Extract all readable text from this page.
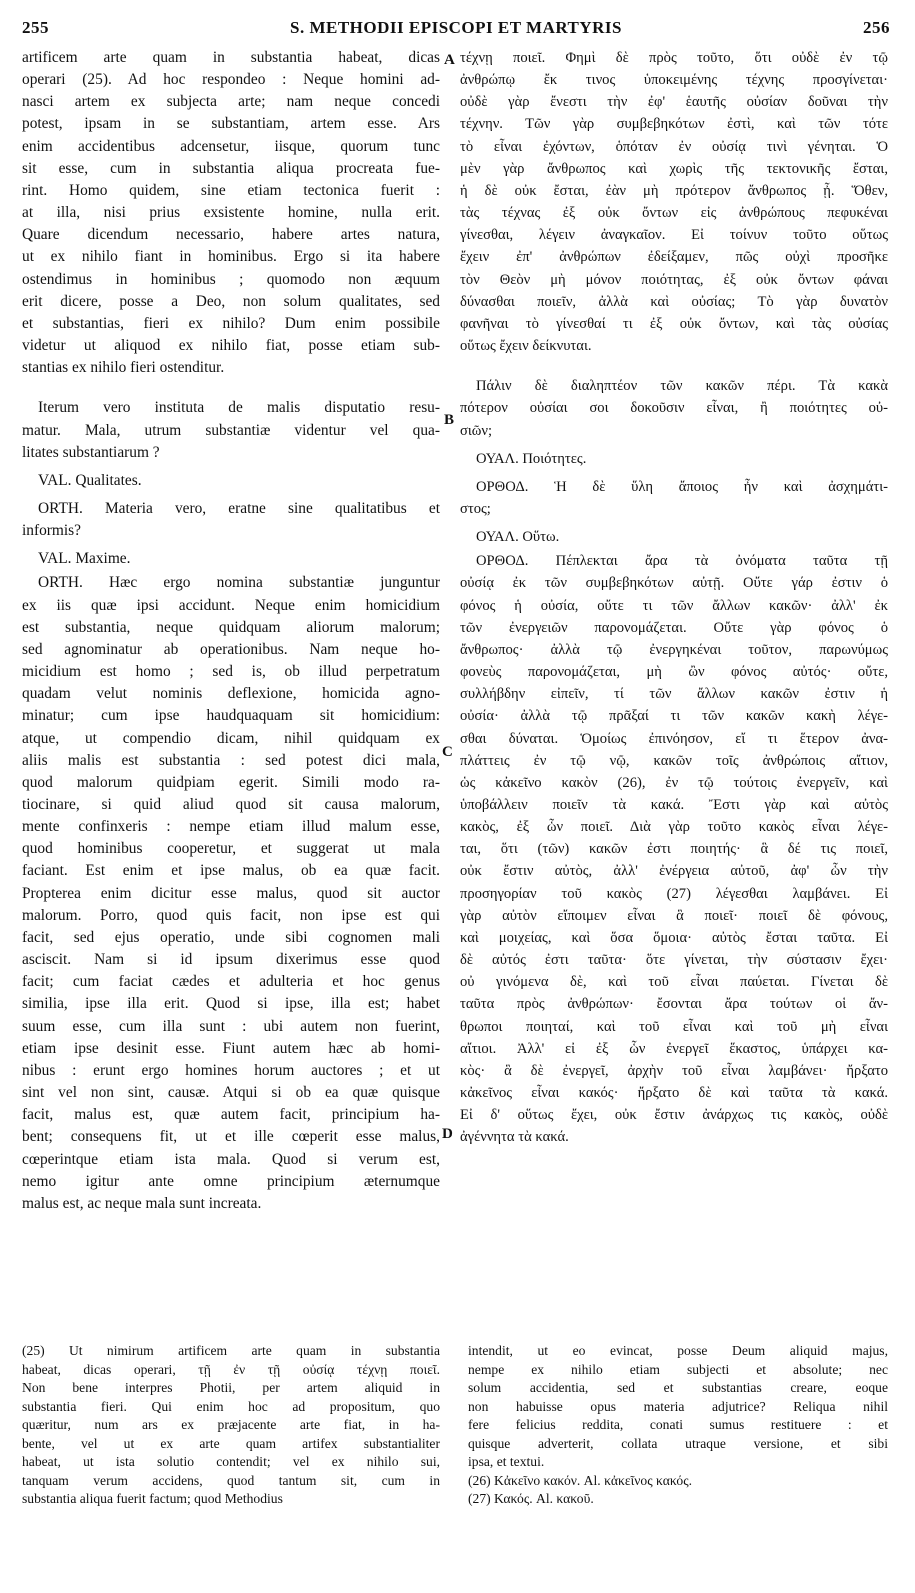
255	S. METHODII EPISCOPI ET MARTYRIS	256

artificem arte quam in substantia habeat, dicas
operari (25). Ad hoc respondeo : Neque homini ad-
nasci artem ex subjecta arte; nam neque concedi
potest, ipsam in se substantiam, artem esse. Ars
enim accidentibus adcensetur, iisque, quorum tunc
sit esse, cum in substantia aliqua procreata fue-
rint. Homo quidem, sine etiam tectonica fuerit :
at illa, nisi prius exsistente homine, nulla erit.
Quare dicendum necessario, habere artes natura,
ut ex nihilo fiant in hominibus. Ergo si ita habere
ostendimus in hominibus ; quomodo non æquum
erit dicere, posse a Deo, non solum qualitates, sed
et substantias, fieri ex nihilo? Dum enim possibile
videtur ut aliquod ex nihilo fiat, posse etiam sub-
stantias ex nihilo fieri ostenditur.

Iterum vero instituta de malis disputatio resu-
matur. Mala, utrum substantiæ videntur vel qua-
litates substantiarum ?

VAL. Qualitates.

ORTH. Materia vero, eratne sine qualitatibus et
informis?

VAL. Maxime.

ORTH. Hæc ergo nomina substantiæ junguntur
ex iis quæ ipsi accidunt. Neque enim homicidium
est substantia, neque quidquam aliorum malorum;
sed agnominatur ab operationibus. Nam neque ho-
micidium est homo ; sed is, ob illud perpetratum
quadam velut nominis deflexione, homicida agno-
minatur; cum ipse haudquaquam sit homicidium:
atque, ut compendio dicam, nihil quidquam ex
aliis malis est substantia : sed potest dici mala,
quod malorum quidpiam egerit. Simili modo ra-
tiocinare, si quid aliud quod sit causa malorum,
mente confinxeris : nempe etiam illud malum esse,
quod hominibus cooperetur, et suggerat ut mala
faciant. Est enim et ipse malus, ob ea quæ facit.
Propterea enim dicitur esse malus, quod sit auctor
malorum. Porro, quod quis facit, non ipse est qui
facit, sed ejus operatio, unde sibi cognomen mali
asciscit. Nam si id ipsum dixerimus esse quod
facit; cum faciat cædes et adulteria et hoc genus
similia, ipse illa erit. Quod si ipse, illa est; habet
suum esse, cum illa sunt : ubi autem non fuerint,
etiam ipse desinit esse. Fiunt autem hæc ab homi-
nibus : erunt ergo homines horum auctores ; et ut
sint vel non sint, causæ. Atqui si ob ea quæ quisque
facit, malus est, quæ autem facit, principium ha-
bent; consequens fit, ut et ille cœperit esse malus,
cœperintque etiam ista mala. Quod si verum est,
nemo igitur ante omne principium æternumque
malus est, ac neque mala sunt increata.

τέχνῃ ποιεῖ. Φημὶ δὲ πρὸς τοῦτο, ὅτι οὐδὲ ἐν τῷ
ἀνθρώπῳ ἔκ τινος ὑποκειμένης τέχνης προσγίνεται·
οὐδὲ γὰρ ἔνεστι τὴν ἐφ' ἑαυτῆς οὐσίαν δοῦναι τὴν
τέχνην. Τῶν γὰρ συμβεβηκότων ἐστὶ, καὶ τῶν τότε
τὸ εἶναι ἐχόντων, ὁπόταν ἐν οὐσίᾳ τινὶ γένηται. Ὁ
μὲν γὰρ ἄνθρωπος καὶ χωρὶς τῆς τεκτονικῆς ἔσται,
ἡ δὲ οὐκ ἔσται, ἐὰν μὴ πρότερον ἄνθρωπος ᾖ. Ὅθεν,
τὰς τέχνας ἐξ οὐκ ὄντων εἰς ἀνθρώπους πεφυκέναι
γίνεσθαι, λέγειν ἀναγκαῖον. Εἰ τοίνυν τοῦτο οὕτως
ἔχειν ἐπ' ἀνθρώπων ἐδείξαμεν, πῶς οὐχὶ προσῆκε
τὸν Θεὸν μὴ μόνον ποιότητας, ἐξ οὐκ ὄντων φάναι
δύνασθαι ποιεῖν, ἀλλὰ καὶ οὐσίας; Τὸ γὰρ δυνατὸν
φανῆναι τὸ γίνεσθαί τι ἐξ οὐκ ὄντων, καὶ τὰς οὐσίας
οὕτως ἔχειν δείκνυται.

Πάλιν δὲ διαληπτέον τῶν κακῶν πέρι. Τὰ κακὰ
πότερον οὐσίαι σοι δοκοῦσιν εἶναι, ἢ ποιότητες οὐ-
σιῶν;

ΟΥΑΛ. Ποιότητες.

ΟΡΘΟΔ. Ἡ δὲ ὕλη ἄποιος ἦν καὶ ἀσχημάτι-
στος;

ΟΥΑΛ. Οὕτω.

ΟΡΘΟΔ. Πέπλεκται ἄρα τὰ ὀνόματα ταῦτα τῇ
οὐσίᾳ ἐκ τῶν συμβεβηκότων αὐτῇ. Οὔτε γάρ ἐστιν ὁ
φόνος ἡ οὐσία, οὔτε τι τῶν ἄλλων κακῶν· ἀλλ' ἐκ
τῶν ἐνεργειῶν παρονομάζεται. Οὔτε γὰρ φόνος ὁ
ἄνθρωπος· ἀλλὰ τῷ ἐνεργηκέναι τοῦτον, παρωνύμως
φονεὺς παρονομάζεται, μὴ ὢν φόνος αὐτός· οὔτε,
συλλήβδην εἰπεῖν, τί τῶν ἄλλων κακῶν ἐστιν ἡ
οὐσία· ἀλλὰ τῷ πρᾶξαί τι τῶν κακῶν κακὴ λέγε-
σθαι δύναται. Ὁμοίως ἐπινόησον, εἴ τι ἕτερον ἀνα-
πλάττεις ἐν τῷ νῷ, κακῶν τοῖς ἀνθρώποις αἴτιον,
ὡς κἀκεῖνο κακὸν (26), ἐν τῷ τούτοις ἐνεργεῖν, καὶ
ὑποβάλλειν ποιεῖν τὰ κακά. Ἔστι γὰρ καὶ αὐτὸς
κακὸς, ἐξ ὧν ποιεῖ. Διὰ γὰρ τοῦτο κακὸς εἶναι λέγε-
ται, ὅτι (τῶν) κακῶν ἐστι ποιητής· ἃ δέ τις ποιεῖ,
οὐκ ἔστιν αὐτὸς, ἀλλ' ἐνέργεια αὐτοῦ, ἀφ' ὧν τὴν
προσηγορίαν τοῦ κακὸς (27) λέγεσθαι λαμβάνει. Εἰ
γὰρ αὐτὸν εἴποιμεν εἶναι ἃ ποιεῖ· ποιεῖ δὲ φόνους,
καὶ μοιχείας, καὶ ὅσα ὅμοια· αὐτὸς ἔσται ταῦτα. Εἰ
δὲ αὐτός ἐστι ταῦτα· ὅτε γίνεται, τὴν σύστασιν ἔχει·
οὐ γινόμενα δὲ, καὶ τοῦ εἶναι παύεται. Γίνεται δὲ
ταῦτα πρὸς ἀνθρώπων· ἔσονται ἄρα τούτων οἱ ἄν-
θρωποι ποιηταί, καὶ τοῦ εἶναι καὶ τοῦ μὴ εἶναι
αἴτιοι. Ἀλλ' εἰ ἐξ ὧν ἐνεργεῖ ἕκαστος, ὑπάρχει κα-
κὸς· ἃ δὲ ἐνεργεῖ, ἀρχὴν τοῦ εἶναι λαμβάνει· ἤρξατο
κἀκεῖνος εἶναι κακός· ἤρξατο δὲ καὶ ταῦτα τὰ κακά.
Εἰ δ' οὕτως ἔχει, οὐκ ἔστιν ἀνάρχως τις κακὸς, οὐδὲ
ἀγέννητα τὰ κακά.

A
B
C
D
(25) Ut nimirum artificem arte quam in substantia
habeat, dicas operari, τῇ ἐν τῇ οὐσίᾳ τέχνῃ ποιεῖ.
Non bene interpres Photii, per artem aliquid in
substantia fieri. Qui enim hoc ad propositum, quo
quæritur, num ars ex præjacente arte fiat, in ha-
bente, vel ut ex arte quam artifex substantialiter
habeat, ut ista solutio contendit; vel ex nihilo sui,
tanquam verum accidens, quod tantum sit, cum in
substantia aliqua fuerit factum; quod Methodius
intendit, ut eo evincat, posse Deum aliquid majus,
nempe ex nihilo etiam subjecti et absolute; nec
solum accidentia, sed et substantias creare, eoque
non habuisse opus materia adjutrice? Reliqua nihil
fere felicius reddita, conati sumus restituere : et
quisque adverterit, collata utraque versione, et sibi
ipsa, et textui.
(26) Κἀκεῖνο κακόν. Al. κἀκεῖνος κακός.
(27) Κακός. Al. κακοῦ.
